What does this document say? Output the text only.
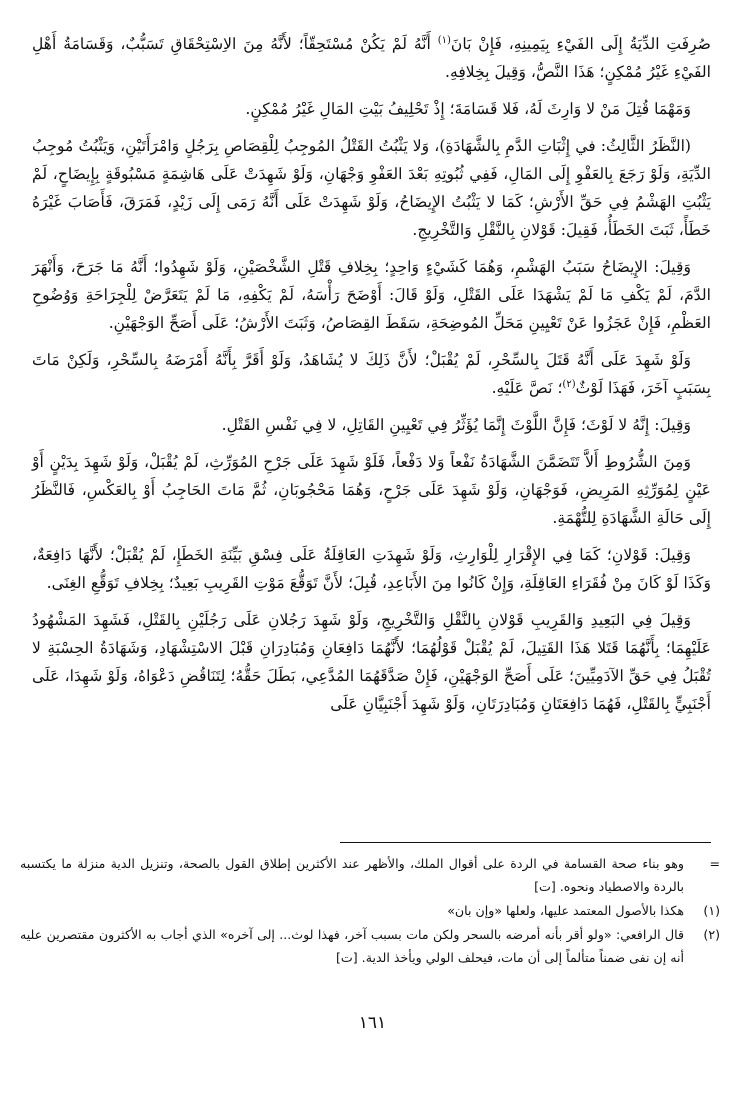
صُرِفَتِ الدِّيَةُ إِلَى الفَيْءِ بِيَمِينِهِ، فَإِنْ بَانَ$^{(١)}$ أَنَّهُ لَمْ يَكُنْ مُسْتَحِقّاً؛ لأَنَّهُ مِنَ الاِسْتِحْقَاقِ تَسَبُّبٌ، وَقَسَامَةُ أَهْلِ الفَيْءِ غَيْرُ مُمْكِنٍ؛ هَذَا النَّصُّ، وَقِيلَ بِخِلافِهِ.

وَمَهْمَا قُتِلَ مَنْ لا وَارِثَ لَهُ، فَلا قَسَامَةَ؛ إِذْ تَحْلِيفُ بَيْتِ المَالِ غَيْرُ مُمْكِنٍ.

(النَّظَرُ الثَّالِثُ: في إِثْبَاتِ الدَّمِ بِالشَّهَادَةِ)، وَلا يَثْبُتُ القَتْلُ المُوجِبُ لِلْقِصَاصِ بِرَجُلٍ وَامْرَأَتَيْنِ، وَيَثْبُتُ مُوجِبُ الدِّيَةِ، وَلَوْ رَجَعَ بِالعَفْوِ إِلَى المَالِ، فَفِي ثُبُوتِهِ بَعْدَ العَفْوِ وَجْهَانِ، وَلَوْ شَهِدَتْ عَلَى هَاشِمَةٍ مَسْبُوقَةٍ بِإِيضَاحٍ، لَمْ يَثْبُتِ الهَشْمُ فِي حَقِّ الأَرْشِ؛ كَمَا لا يَثْبُتُ الإِيضَاحُ، وَلَوْ شَهِدَتْ عَلَى أَنَّهُ رَمَى إِلَى زَيْدٍ، فَمَرَقَ، فَأَصَابَ غَيْرَهُ خَطَأً، ثَبَتَ الخَطَأُ، فَقِيلَ: قَوْلانِ بِالنَّقْلِ وَالتَّخْرِيجِ.

وَقِيلَ: الإِيضَاحُ سَبَبُ الهَشْمِ، وَهُمَا كَشَيْءٍ وَاحِدٍ؛ بِخِلافِ قَتْلِ الشَّخْصَيْنِ، وَلَوْ شَهِدُوا؛ أَنَّهُ مَا جَرَحَ، وَأَنْهَرَ الدَّمَ، لَمْ يَكْفِ مَا لَمْ يَشْهَدَا عَلَى القَتْلِ، وَلَوْ قَالَ: أَوْضَحَ رَأْسَهُ، لَمْ يَكْفِهِ، مَا لَمْ يَتَعَرَّضْ لِلْجِرَاحَةِ وَوُضُوحِ العَظْمِ، فَإِنْ عَجَزُوا عَنْ تَعْيِينِ مَحَلِّ المُوضِحَةِ، سَقَطَ القِصَاصُ، وَثَبَتَ الأَرْشُ؛ عَلَى أَصَحِّ الوَجْهَيْنِ.

وَلَوْ شَهِدَ عَلَى أَنَّهُ قَتَلَ بِالسِّحْرِ، لَمْ يُقْبَلْ؛ لأَنَّ ذَلِكَ لا يُشَاهَدُ، وَلَوْ أَقَرَّ بِأَنَّهُ أَمْرَضَهُ بِالسِّحْرِ، وَلَكِنْ مَاتَ بِسَبَبٍ آخَرَ، فَهَذَا لَوْثٌ$^{(٢)}$؛ نَصَّ عَلَيْهِ.

وَقِيلَ: إِنَّهُ لا لَوْثَ؛ فَإِنَّ اللَّوْثَ إِنَّمَا يُؤَثِّرُ فِي تَعْيِينِ القَاتِلِ، لا فِي نَفْسِ القَتْلِ.

وَمِنَ الشُّرُوطِ أَلاَّ تَتَضَمَّنَ الشَّهَادَةُ نَفْعاً وَلا دَفْعاً، فَلَوْ شَهِدَ عَلَى جَرْحِ المُوَرِّثِ، لَمْ يُقْبَلْ، وَلَوْ شَهِدَ بِدَيْنٍ أَوْ عَيْنٍ لِمُوَرِّثِهِ المَرِيضِ، فَوَجْهَانِ، وَلَوْ شَهِدَ عَلَى جَرْحٍ، وَهُمَا مَحْجُوبَانِ، ثُمَّ مَاتَ الحَاجِبُ أَوْ بِالعَكْسِ، فَالنَّظَرُ إِلَى حَالَةِ الشَّهَادَةِ لِلتُّهْمَةِ.

وَقِيلَ: قَوْلانِ؛ كَمَا فِي الإِقْرَارِ لِلْوَارِثِ، وَلَوْ شَهِدَتِ العَاقِلَةُ عَلَى فِسْقِ بَيِّنَةِ الخَطَإِ، لَمْ يُقْبَلْ؛ لأَنَّهَا دَافِعَةٌ، وَكَذَا لَوْ كَانَ مِنْ فُقَرَاءِ العَاقِلَةِ، وَإِنْ كَانُوا مِنَ الأَبَاعِدِ، قُبِلَ؛ لأَنَّ تَوَقُّعَ مَوْتِ القَرِيبِ بَعِيدٌ؛ بِخِلافِ تَوَقُّعِ الغِنَى.

وَقِيلَ فِي البَعِيدِ وَالقَرِيبِ قَوْلانِ بِالنَّقْلِ وَالتَّخْرِيجِ، وَلَوْ شَهِدَ رَجُلانِ عَلَى رَجُلَيْنِ بِالقَتْلِ، فَشَهِدَ المَشْهُودُ عَلَيْهِمَا؛ بِأَنَّهُمَا قَتَلا هَذَا القَتِيلَ، لَمْ يُقْبَلْ قَوْلُهُمَا؛ لأَنَّهُمَا دَافِعَانِ وَمُبَادِرَانِ قَبْلَ الاسْتِشْهَادِ، وَشَهَادَةُ الحِسْبَةِ لا تُقْبَلُ فِي حَقِّ الآدَمِيِّينَ؛ عَلَى أَصَحِّ الوَجْهَيْنِ، فَإِنْ صَدَّقَهُمَا المُدَّعِي، بَطَلَ حَقُّهُ؛ لِتَنَاقُضِ دَعْوَاهُ، وَلَوْ شَهِدَا، عَلَى أَجْنَبِيٍّ بِالقَتْلِ، فَهُمَا دَافِعَتَانِ وَمُبَادِرَتَانِ، وَلَوْ شَهِدَ أَجْنَبِيَّانِ عَلَى

=
وهو بناء صحة القسامة في الردة على أقوال الملك، والأظهر عند الأكثرين إطلاق القول بالصحة، وتنزيل الدية منزلة ما يكتسبه بالردة والاصطياد ونحوه. [ت]
(١)
هكذا بالأصول المعتمد عليها، ولعلها «وإن بان»
(٢)
قال الرافعي: «ولو أقر بأنه أمرضه بالسحر ولكن مات بسبب آخر، فهذا لوث... إلى آخره» الذي أجاب به الأكثرون مقتصرين عليه أنه إن نفى ضمناً متألماً إلى أن مات، فيحلف الولي ويأخذ الدية. [ت]
١٦١
